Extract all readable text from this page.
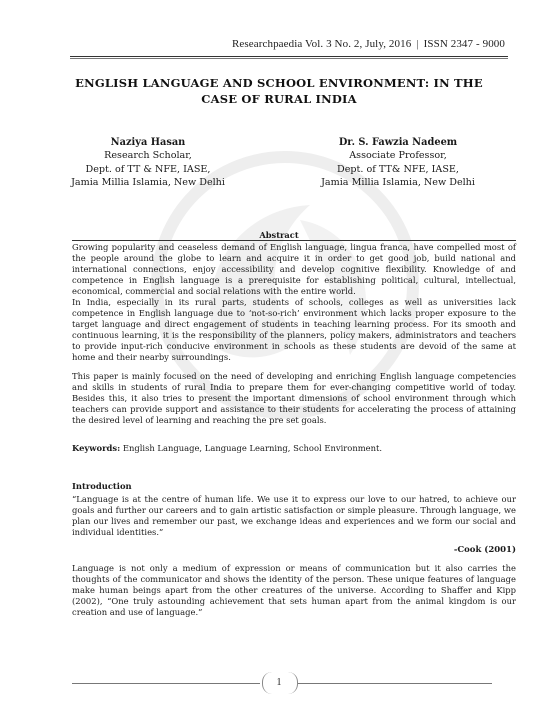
Researchpaedia Vol. 3 No. 2, July, 2016 | ISSN 2347 - 9000
ENGLISH LANGUAGE AND SCHOOL ENVIRONMENT: IN THE CASE OF RURAL INDIA
Naziya Hasan
Research Scholar,
Dept. of TT & NFE, IASE,
Jamia Millia Islamia, New Delhi
Dr. S. Fawzia Nadeem
Associate Professor,
Dept. of TT& NFE, IASE,
Jamia Millia Islamia, New Delhi
Abstract
Growing popularity and ceaseless demand of English language, lingua franca, have compelled most of the people around the globe to learn and acquire it in order to get good job, build national and international connections, enjoy accessibility and develop cognitive flexibility. Knowledge of and competence in English language is a prerequisite for establishing political, cultural, intellectual, economical, commercial and social relations with the entire world.
In India, especially in its rural parts, students of schools, colleges as well as universities lack competence in English language due to ‘not-so-rich’ environment which lacks proper exposure to the target language and direct engagement of students in teaching learning process. For its smooth and continuous learning, it is the responsibility of the planners, policy makers, administrators and teachers to provide input-rich conducive environment in schools as these students are devoid of the same at home and their nearby surroundings.
This paper is mainly focused on the need of developing and enriching English language competencies and skills in students of rural India to prepare them for ever-changing competitive world of today. Besides this, it also tries to present the important dimensions of school environment through which teachers can provide support and assistance to their students for accelerating the process of attaining the desired level of learning and reaching the pre set goals.
Keywords: English Language, Language Learning, School Environment.
Introduction
“Language is at the centre of human life. We use it to express our love to our hatred, to achieve our goals and further our careers and to gain artistic satisfaction or simple pleasure. Through language, we plan our lives and remember our past, we exchange ideas and experiences and we form our social and individual identities.”
-Cook (2001)
Language is not only a medium of expression or means of communication but it also carries the thoughts of the communicator and shows the identity of the person. These unique features of language make human beings apart from the other creatures of the universe. According to Shaffer and Kipp (2002), “One truly astounding achievement that sets human apart from the animal kingdom is our creation and use of language.”
1
